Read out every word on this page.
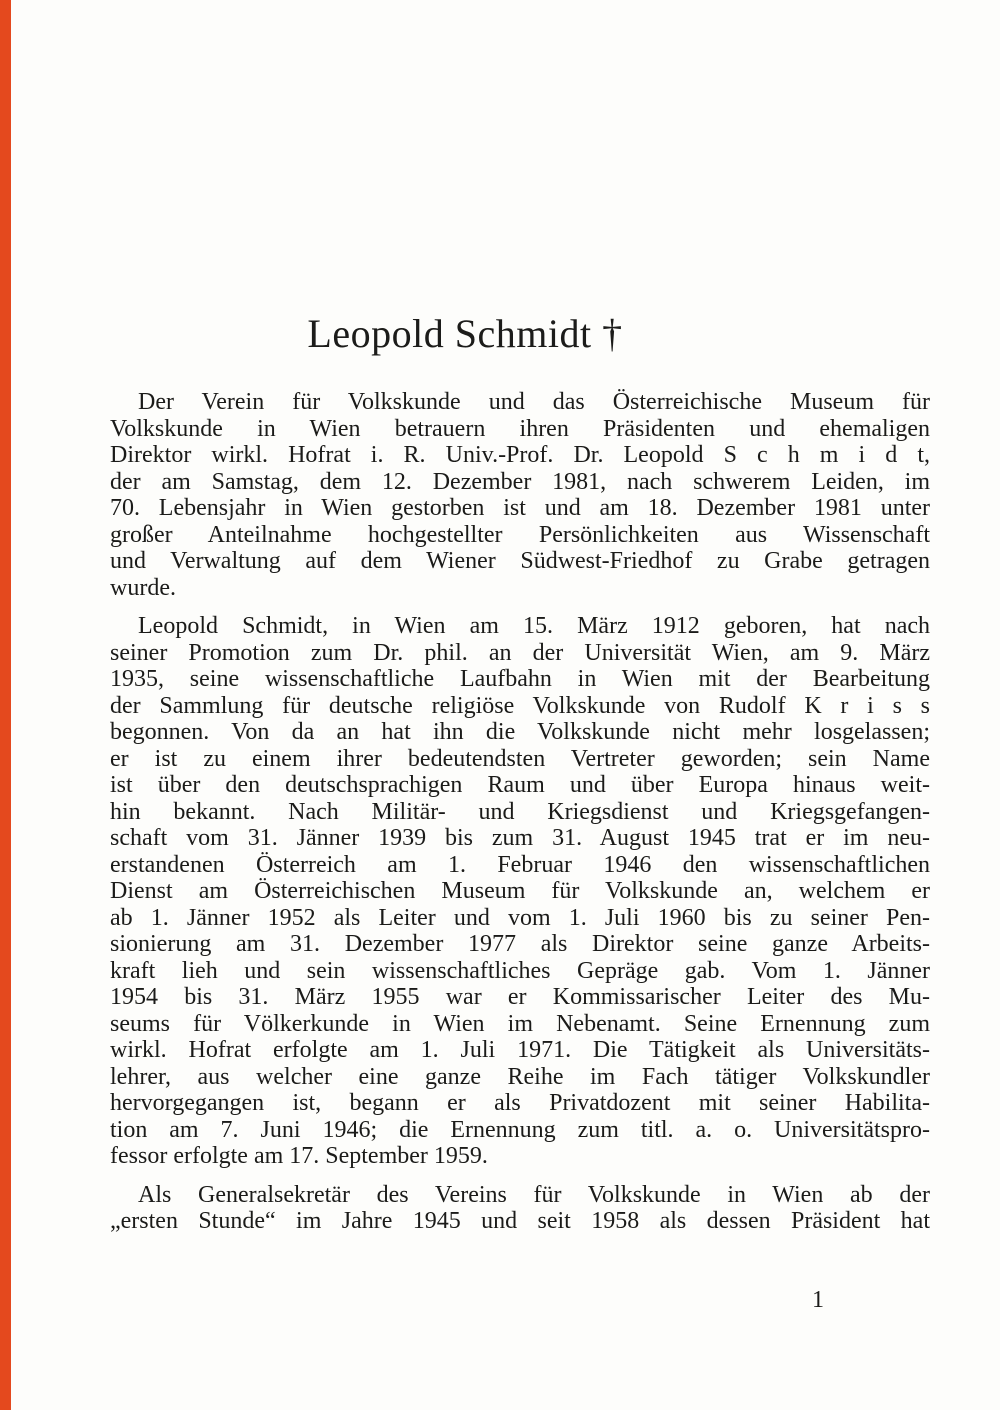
Leopold Schmidt †
Der Verein für Volkskunde und das Österreichische Museum für
Volkskunde in Wien betrauern ihren Präsidenten und ehemaligen
Direktor wirkl. Hofrat i. R. Univ.-Prof. Dr. Leopold S c h m i d t,
der am Samstag, dem 12. Dezember 1981, nach schwerem Leiden, im
70. Lebensjahr in Wien gestorben ist und am 18. Dezember 1981 unter
großer Anteilnahme hochgestellter Persönlichkeiten aus Wissenschaft
und Verwaltung auf dem Wiener Südwest-Friedhof zu Grabe getragen
wurde.
Leopold Schmidt, in Wien am 15. März 1912 geboren, hat nach
seiner Promotion zum Dr. phil. an der Universität Wien, am 9. März
1935, seine wissenschaftliche Laufbahn in Wien mit der Bearbeitung
der Sammlung für deutsche religiöse Volkskunde von Rudolf K r i s s
begonnen. Von da an hat ihn die Volkskunde nicht mehr losgelassen;
er ist zu einem ihrer bedeutendsten Vertreter geworden; sein Name
ist über den deutschsprachigen Raum und über Europa hinaus weit-
hin bekannt. Nach Militär- und Kriegsdienst und Kriegsgefangen-
schaft vom 31. Jänner 1939 bis zum 31. August 1945 trat er im neu-
erstandenen Österreich am 1. Februar 1946 den wissenschaftlichen
Dienst am Österreichischen Museum für Volkskunde an, welchem er
ab 1. Jänner 1952 als Leiter und vom 1. Juli 1960 bis zu seiner Pen-
sionierung am 31. Dezember 1977 als Direktor seine ganze Arbeits-
kraft lieh und sein wissenschaftliches Gepräge gab. Vom 1. Jänner
1954 bis 31. März 1955 war er Kommissarischer Leiter des Mu-
seums für Völkerkunde in Wien im Nebenamt. Seine Ernennung zum
wirkl. Hofrat erfolgte am 1. Juli 1971. Die Tätigkeit als Universitäts-
lehrer, aus welcher eine ganze Reihe im Fach tätiger Volkskundler
hervorgegangen ist, begann er als Privatdozent mit seiner Habilita-
tion am 7. Juni 1946; die Ernennung zum titl. a. o. Universitätspro-
fessor erfolgte am 17. September 1959.
Als Generalsekretär des Vereins für Volkskunde in Wien ab der
„ersten Stunde“ im Jahre 1945 und seit 1958 als dessen Präsident hat
1
